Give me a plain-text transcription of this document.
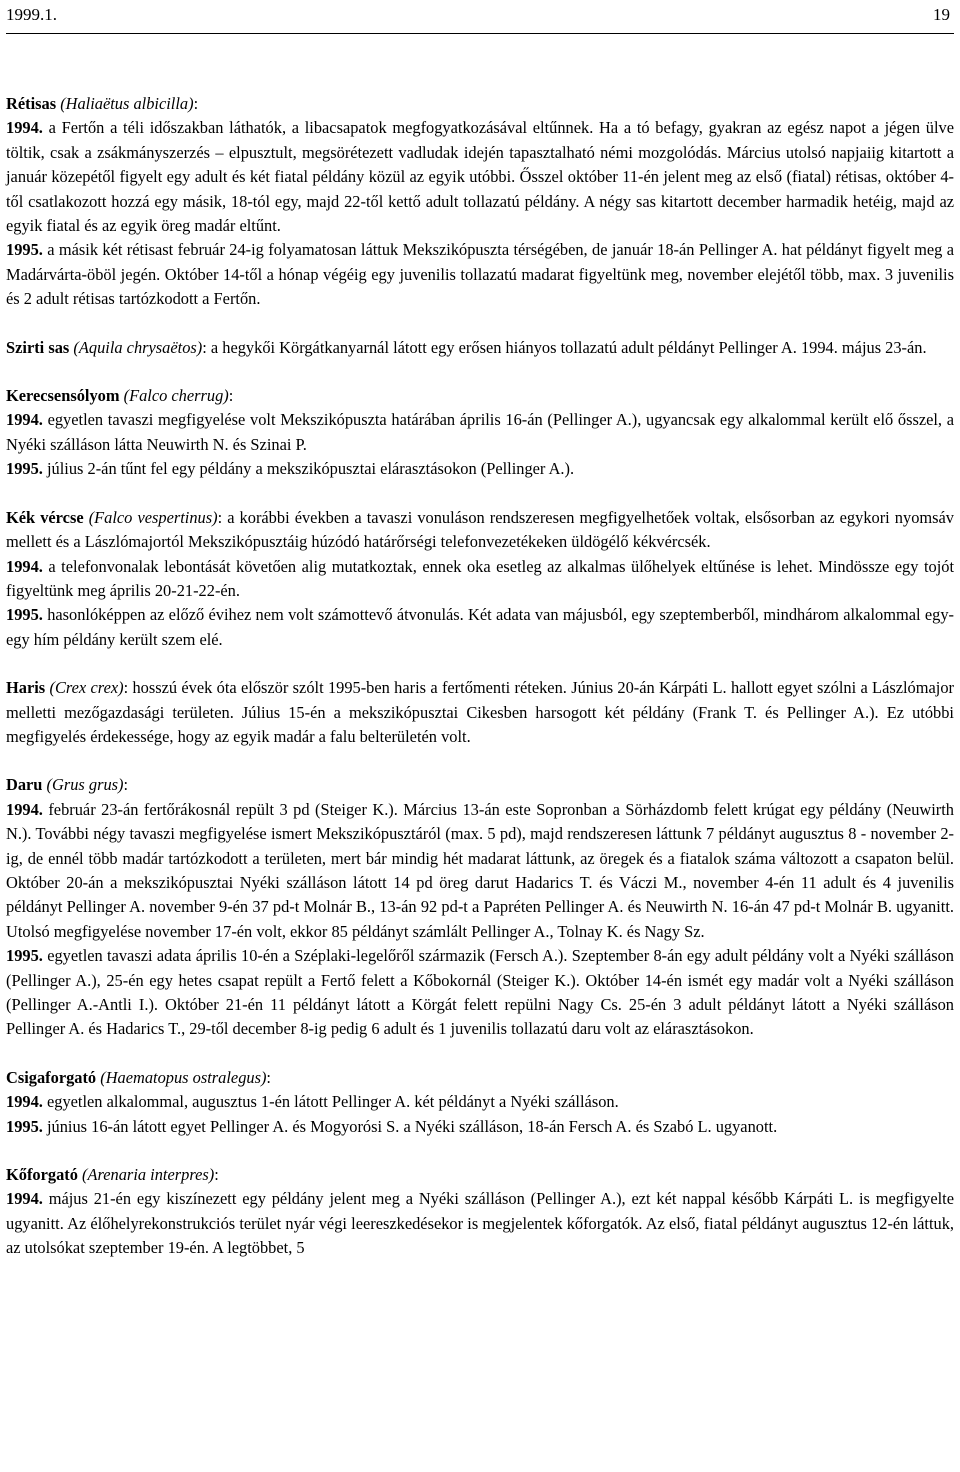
1999.1.	19

Rétisas (Haliaëtus albicilla):

1994. a Fertőn a téli időszakban láthatók, a libacsapatok megfogyatkozásával eltűnnek. Ha a tó befagy, gyakran az egész napot a jégen ülve töltik, csak a zsákmányszerzés – elpusztult, megsörétezett vadludak idején tapasztalható némi mozgolódás. Március utolsó napjaiig kitartott a január közepétől figyelt egy adult és két fiatal példány közül az egyik utóbbi. Ősszel október 11-én jelent meg az első (fiatal) rétisas, október 4-től csatlakozott hozzá egy másik, 18-tól egy, majd 22-től kettő adult tollazatú példány. A négy sas kitartott december harmadik hetéig, majd az egyik fiatal és az egyik öreg madár eltűnt.

1995. a másik két rétisast február 24-ig folyamatosan láttuk Mekszikópuszta térségében, de január 18-án Pellinger A. hat példányt figyelt meg a Madárvárta-öböl jegén. Október 14-től a hónap végéig egy juvenilis tollazatú madarat figyeltünk meg, november elejétől több, max. 3 juvenilis és 2 adult rétisas tartózkodott a Fertőn.

Szirti sas (Aquila chrysaëtos): a hegykői Körgátkanyarnál látott egy erősen hiányos tollazatú adult példányt Pellinger A. 1994. május 23-án.

Kerecsensólyom (Falco cherrug):

1994. egyetlen tavaszi megfigyelése volt Mekszikópuszta határában április 16-án (Pellinger A.), ugyancsak egy alkalommal került elő ősszel, a Nyéki szálláson látta Neuwirth N. és Szinai P.

1995. július 2-án tűnt fel egy példány a mekszikópusztai elárasztásokon (Pellinger A.).

Kék vércse (Falco vespertinus): a korábbi években a tavaszi vonuláson rendszeresen megfigyelhetőek voltak, elsősorban az egykori nyomsáv mellett és a Lászlómajortól Mekszikópusztáig húzódó határőrségi telefonvezetékeken üldögélő kékvércsék.

1994. a telefonvonalak lebontását követően alig mutatkoztak, ennek oka esetleg az alkalmas ülőhelyek eltűnése is lehet. Mindössze egy tojót figyeltünk meg április 20-21-22-én.

1995. hasonlóképpen az előző évihez nem volt számottevő átvonulás. Két adata van májusból, egy szeptemberből, mindhárom alkalommal egy-egy hím példány került szem elé.

Haris (Crex crex): hosszú évek óta először szólt 1995-ben haris a fertőmenti réteken. Június 20-án Kárpáti L. hallott egyet szólni a Lászlómajor melletti mezőgazdasági területen. Július 15-én a mekszikópusztai Cikesben harsogott két példány (Frank T. és Pellinger A.). Ez utóbbi megfigyelés érdekessége, hogy az egyik madár a falu belterületén volt.

Daru (Grus grus):

1994. február 23-án fertőrákosnál repült 3 pd (Steiger K.). Március 13-án este Sopronban a Sörházdomb felett krúgat egy példány (Neuwirth N.). További négy tavaszi megfigyelése ismert Mekszikópusztáról (max. 5 pd), majd rendszeresen láttunk 7 példányt augusztus 8 - november 2-ig, de ennél több madár tartózkodott a területen, mert bár mindig hét madarat láttunk, az öregek és a fiatalok száma változott a csapaton belül. Október 20-án a mekszikópusztai Nyéki szálláson látott 14 pd öreg darut Hadarics T. és Váczi M., november 4-én 11 adult és 4 juvenilis példányt Pellinger A. november 9-én 37 pd-t Molnár B., 13-án 92 pd-t a Papréten Pellinger A. és Neuwirth N. 16-án 47 pd-t Molnár B. ugyanitt. Utolsó megfigyelése november 17-én volt, ekkor 85 példányt számlált Pellinger A., Tolnay K. és Nagy Sz.

1995. egyetlen tavaszi adata április 10-én a Széplaki-legelőről származik (Fersch A.). Szeptember 8-án egy adult példány volt a Nyéki szálláson (Pellinger A.), 25-én egy hetes csapat repült a Fertő felett a Kőbokornál (Steiger K.). Október 14-én ismét egy madár volt a Nyéki szálláson (Pellinger A.-Antli I.). Október 21-én 11 példányt látott a Körgát felett repülni Nagy Cs. 25-én 3 adult példányt látott a Nyéki szálláson Pellinger A. és Hadarics T., 29-től december 8-ig pedig 6 adult és 1 juvenilis tollazatú daru volt az elárasztásokon.

Csigaforgató (Haematopus ostralegus):

1994. egyetlen alkalommal, augusztus 1-én látott Pellinger A. két példányt a Nyéki szálláson.

1995. június 16-án látott egyet Pellinger A. és Mogyorósi S. a Nyéki szálláson, 18-án Fersch A. és Szabó L. ugyanott.

Kőforgató (Arenaria interpres):

1994. május 21-én egy kiszínezett egy példány jelent meg a Nyéki szálláson (Pellinger A.), ezt két nappal később Kárpáti L. is megfigyelte ugyanitt. Az élőhelyrekonstrukciós terület nyár végi leereszkedésekor is megjelentek kőforgatók. Az első, fiatal példányt augusztus 12-én láttuk, az utolsókat szeptember 19-én. A legtöbbet, 5
